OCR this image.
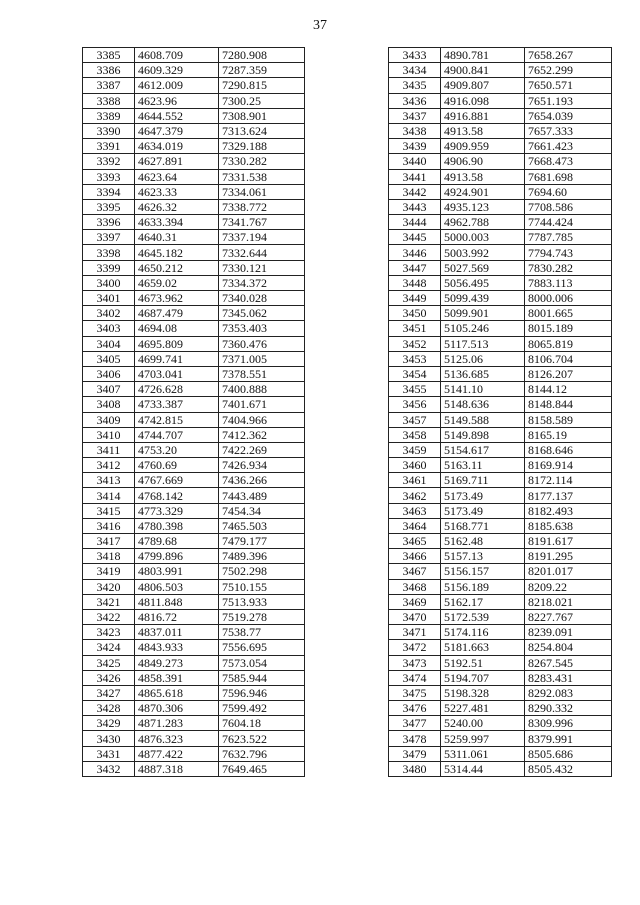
37
3385	4608.709	7280.908
3386	4609.329	7287.359
3387	4612.009	7290.815
3388	4623.96	7300.25
3389	4644.552	7308.901
3390	4647.379	7313.624
3391	4634.019	7329.188
3392	4627.891	7330.282
3393	4623.64	7331.538
3394	4623.33	7334.061
3395	4626.32	7338.772
3396	4633.394	7341.767
3397	4640.31	7337.194
3398	4645.182	7332.644
3399	4650.212	7330.121
3400	4659.02	7334.372
3401	4673.962	7340.028
3402	4687.479	7345.062
3403	4694.08	7353.403
3404	4695.809	7360.476
3405	4699.741	7371.005
3406	4703.041	7378.551
3407	4726.628	7400.888
3408	4733.387	7401.671
3409	4742.815	7404.966
3410	4744.707	7412.362
3411	4753.20	7422.269
3412	4760.69	7426.934
3413	4767.669	7436.266
3414	4768.142	7443.489
3415	4773.329	7454.34
3416	4780.398	7465.503
3417	4789.68	7479.177
3418	4799.896	7489.396
3419	4803.991	7502.298
3420	4806.503	7510.155
3421	4811.848	7513.933
3422	4816.72	7519.278
3423	4837.011	7538.77
3424	4843.933	7556.695
3425	4849.273	7573.054
3426	4858.391	7585.944
3427	4865.618	7596.946
3428	4870.306	7599.492
3429	4871.283	7604.18
3430	4876.323	7623.522
3431	4877.422	7632.796
3432	4887.318	7649.465
3433	4890.781	7658.267
3434	4900.841	7652.299
3435	4909.807	7650.571
3436	4916.098	7651.193
3437	4916.881	7654.039
3438	4913.58	7657.333
3439	4909.959	7661.423
3440	4906.90	7668.473
3441	4913.58	7681.698
3442	4924.901	7694.60
3443	4935.123	7708.586
3444	4962.788	7744.424
3445	5000.003	7787.785
3446	5003.992	7794.743
3447	5027.569	7830.282
3448	5056.495	7883.113
3449	5099.439	8000.006
3450	5099.901	8001.665
3451	5105.246	8015.189
3452	5117.513	8065.819
3453	5125.06	8106.704
3454	5136.685	8126.207
3455	5141.10	8144.12
3456	5148.636	8148.844
3457	5149.588	8158.589
3458	5149.898	8165.19
3459	5154.617	8168.646
3460	5163.11	8169.914
3461	5169.711	8172.114
3462	5173.49	8177.137
3463	5173.49	8182.493
3464	5168.771	8185.638
3465	5162.48	8191.617
3466	5157.13	8191.295
3467	5156.157	8201.017
3468	5156.189	8209.22
3469	5162.17	8218.021
3470	5172.539	8227.767
3471	5174.116	8239.091
3472	5181.663	8254.804
3473	5192.51	8267.545
3474	5194.707	8283.431
3475	5198.328	8292.083
3476	5227.481	8290.332
3477	5240.00	8309.996
3478	5259.997	8379.991
3479	5311.061	8505.686
3480	5314.44	8505.432
